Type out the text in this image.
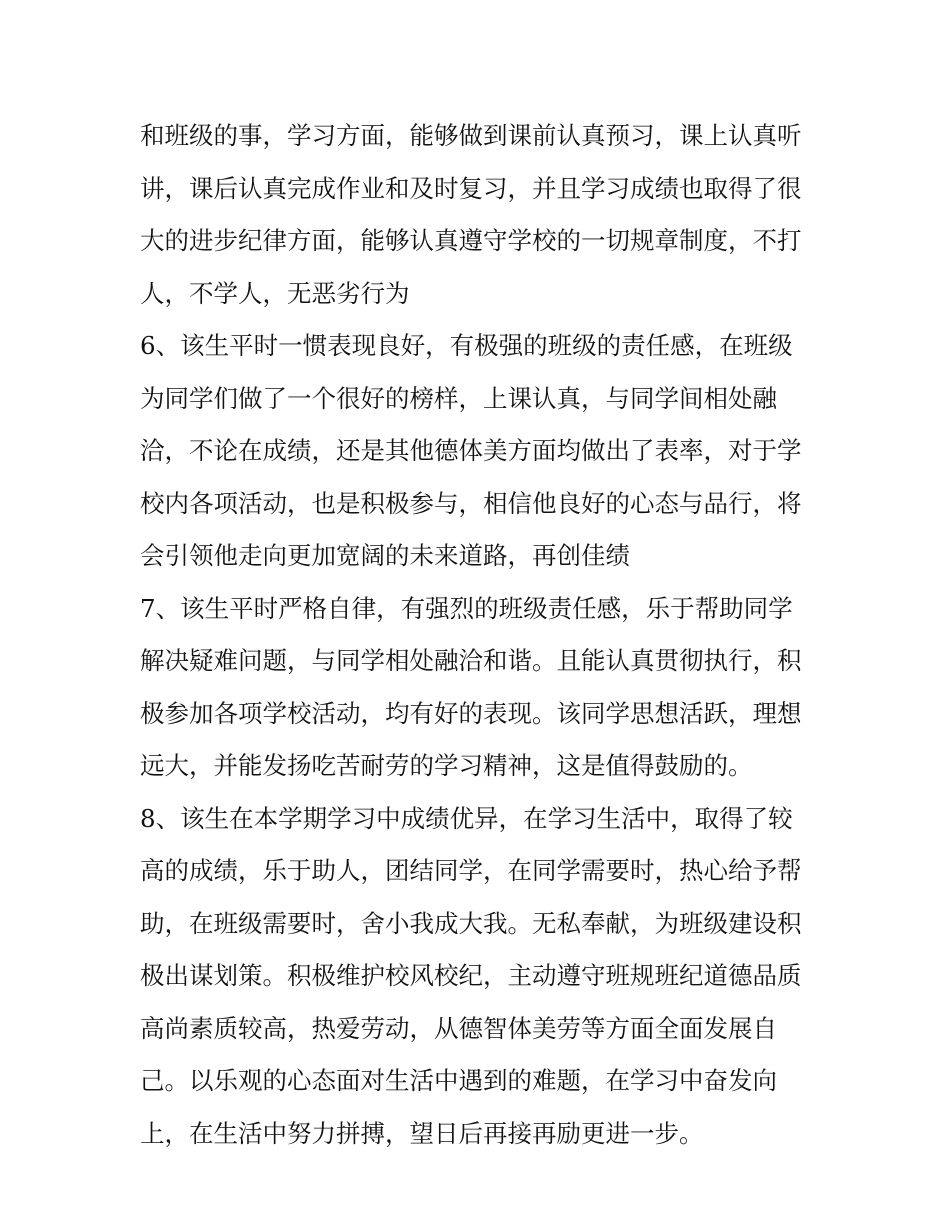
和班级的事，学习方面，能够做到课前认真预习，课上认真听
讲，课后认真完成作业和及时复习，并且学习成绩也取得了很
大的进步纪律方面，能够认真遵守学校的一切规章制度，不打
人，不学人，无恶劣行为
6、该生平时一惯表现良好，有极强的班级的责任感，在班级
为同学们做了一个很好的榜样，上课认真，与同学间相处融
洽，不论在成绩，还是其他德体美方面均做出了表率，对于学
校内各项活动，也是积极参与，相信他良好的心态与品行，将
会引领他走向更加宽阔的未来道路，再创佳绩
7、该生平时严格自律，有强烈的班级责任感，乐于帮助同学
解决疑难问题，与同学相处融洽和谐。且能认真贯彻执行，积
极参加各项学校活动，均有好的表现。该同学思想活跃，理想
远大，并能发扬吃苦耐劳的学习精神，这是值得鼓励的。
8、该生在本学期学习中成绩优异，在学习生活中，取得了较
高的成绩，乐于助人，团结同学，在同学需要时，热心给予帮
助，在班级需要时，舍小我成大我。无私奉献，为班级建设积
极出谋划策。积极维护校风校纪，主动遵守班规班纪道德品质
高尚素质较高，热爱劳动，从德智体美劳等方面全面发展自
己。以乐观的心态面对生活中遇到的难题，在学习中奋发向
上，在生活中努力拼搏，望日后再接再励更进一步。
